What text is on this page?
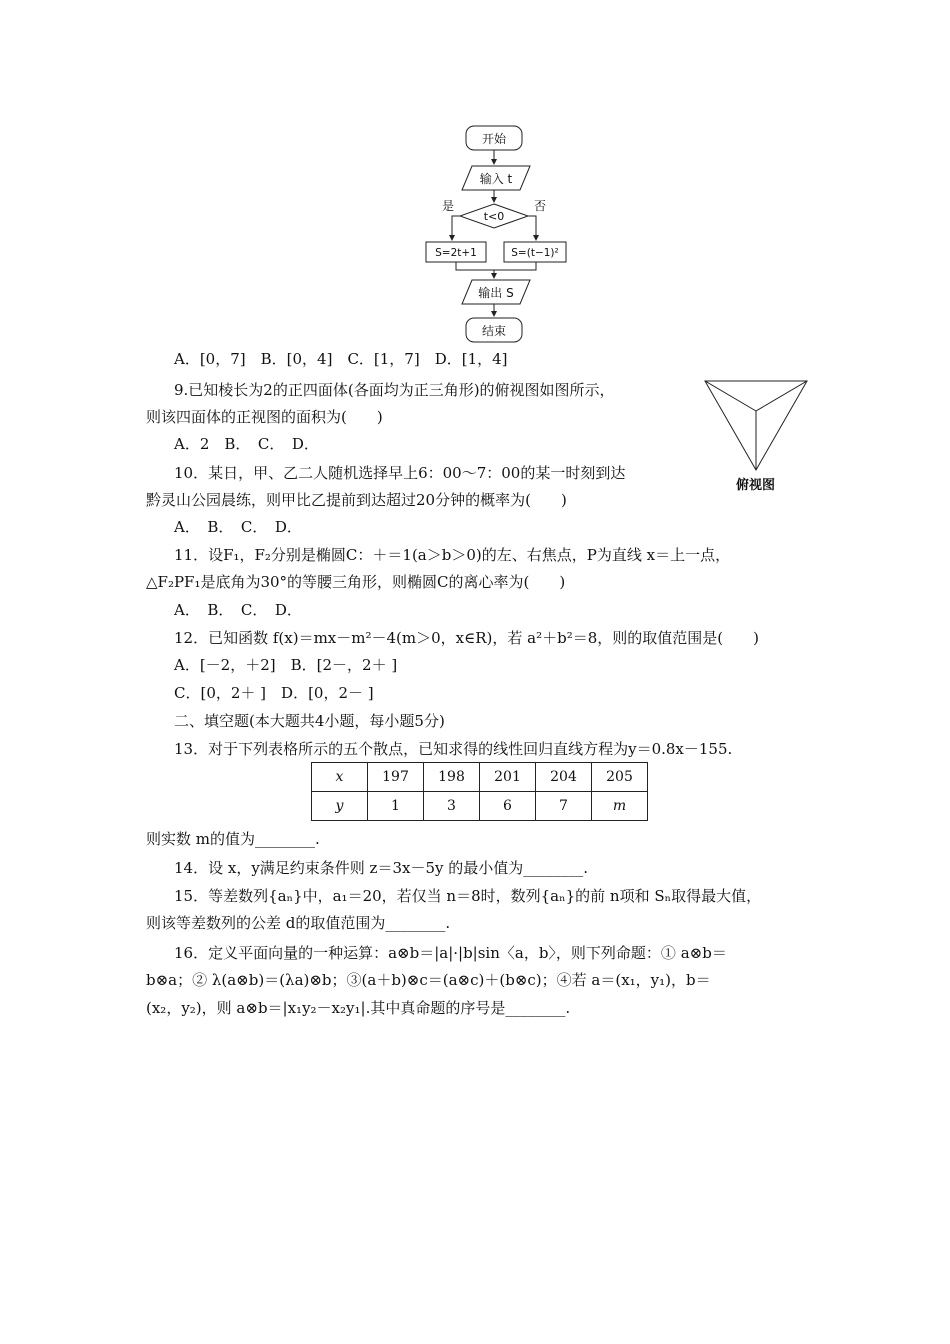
开始
输入 t
t<0
是	否
S=2t+1	S=(t−1)²
输出 S
结束
A．[0，7]　B．[0，4]　C．[1，7]　D．[1，4]
9.已知棱长为2的正四面体(各面均为正三角形)的俯视图如图所示，
则该四面体的正视图的面积为(　　)
A．2　B．　C．　D．
俯视图
10．某日，甲、乙二人随机选择早上6：00～7：00的某一时刻到达
黔灵山公园晨练，则甲比乙提前到达超过20分钟的概率为(　　)
A．　B．　C．　D．
11．设F₁，F₂分别是椭圆C：＋＝1(a＞b＞0)的左、右焦点，P为直线 x＝上一点，
△F₂PF₁是底角为30°的等腰三角形，则椭圆C的离心率为(　　)
A．　B．　C．　D．
12．已知函数 f(x)＝mx－m²－4(m＞0，x∈R)，若 a²＋b²＝8，则的取值范围是(　　)
A．[－2，＋2]　B．[2－，2＋ ]
C．[0，2＋ ]　D．[0，2－ ]
二、填空题(本大题共4小题，每小题5分)
13．对于下列表格所示的五个散点，已知求得的线性回归直线方程为y＝0.8x－155.
x	197	198	201	204	205
y	1	3	6	7	m
则实数 m的值为________.
14．设 x，y满足约束条件则 z＝3x－5y 的最小值为________.
15．等差数列{aₙ}中，a₁＝20，若仅当 n＝8时，数列{aₙ}的前 n项和 Sₙ取得最大值，
则该等差数列的公差 d的取值范围为________.
16．定义平面向量的一种运算：a⊗b＝|a|·|b|sin〈a，b〉，则下列命题：① a⊗b＝
b⊗a；② λ(a⊗b)＝(λa)⊗b；③(a＋b)⊗c＝(a⊗c)＋(b⊗c)；④若 a＝(x₁，y₁)，b＝
(x₂，y₂)，则 a⊗b＝|x₁y₂－x₂y₁|.其中真命题的序号是________.
